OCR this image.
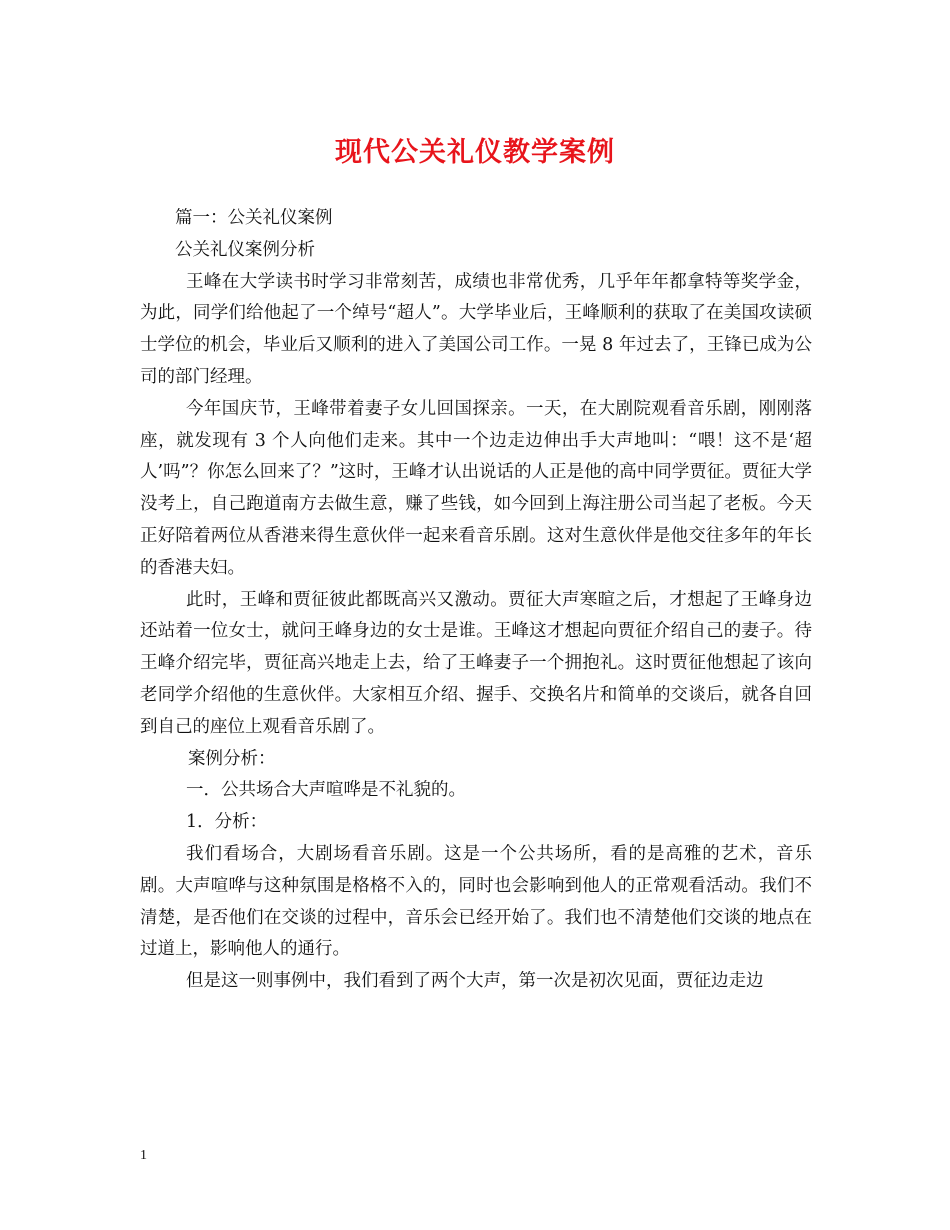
现代公关礼仪教学案例

篇一：公关礼仪案例

公关礼仪案例分析

王峰在大学读书时学习非常刻苦，成绩也非常优秀，几乎年年都拿特等奖学金，为此，同学们给他起了一个绰号“超人”。大学毕业后，王峰顺利的获取了在美国攻读硕士学位的机会，毕业后又顺利的进入了美国公司工作。一晃 8 年过去了，王锋已成为公司的部门经理。

今年国庆节，王峰带着妻子女儿回国探亲。一天，在大剧院观看音乐剧，刚刚落座，就发现有 3 个人向他们走来。其中一个边走边伸出手大声地叫：“喂！这不是‘超人’吗”？你怎么回来了？”这时，王峰才认出说话的人正是他的高中同学贾征。贾征大学没考上，自己跑道南方去做生意，赚了些钱，如今回到上海注册公司当起了老板。今天正好陪着两位从香港来得生意伙伴一起来看音乐剧。这对生意伙伴是他交往多年的年长的香港夫妇。

此时，王峰和贾征彼此都既高兴又激动。贾征大声寒暄之后，才想起了王峰身边还站着一位女士，就问王峰身边的女士是谁。王峰这才想起向贾征介绍自己的妻子。待王峰介绍完毕，贾征高兴地走上去，给了王峰妻子一个拥抱礼。这时贾征他想起了该向老同学介绍他的生意伙伴。大家相互介绍、握手、交换名片和简单的交谈后，就各自回到自己的座位上观看音乐剧了。

案例分析：

一．公共场合大声喧哗是不礼貌的。

1．分析：

我们看场合，大剧场看音乐剧。这是一个公共场所，看的是高雅的艺术，音乐剧。大声喧哗与这种氛围是格格不入的，同时也会影响到他人的正常观看活动。我们不清楚，是否他们在交谈的过程中，音乐会已经开始了。我们也不清楚他们交谈的地点在过道上，影响他人的通行。

但是这一则事例中，我们看到了两个大声，第一次是初次见面，贾征边走边

1
